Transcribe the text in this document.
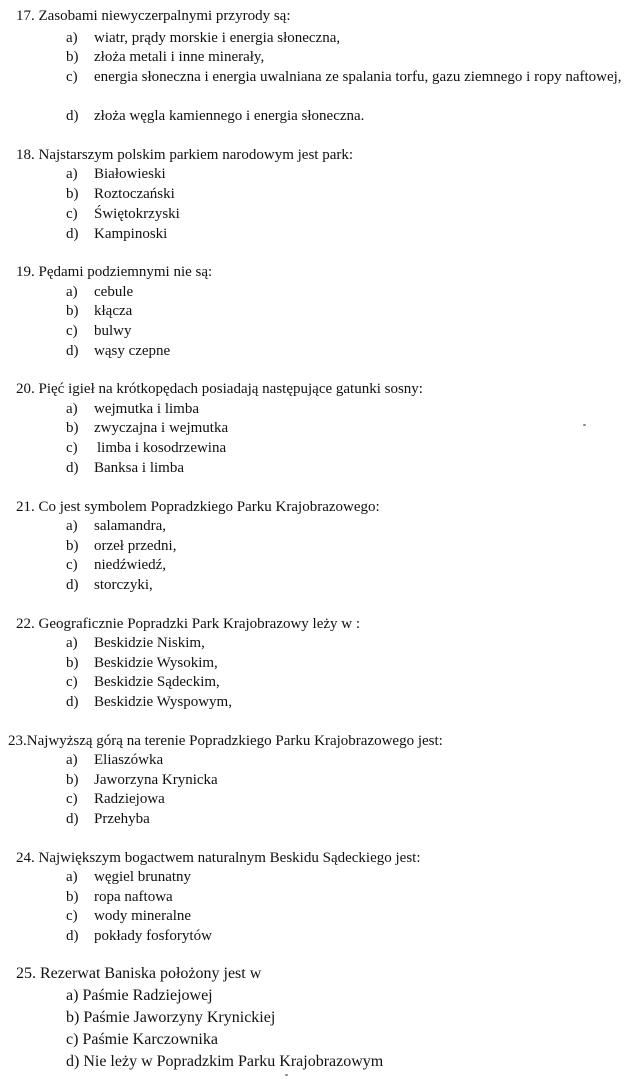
17. Zasobami niewyczerpalnymi przyrody są:
a) wiatr, prądy morskie i energia słoneczna,
b) złoża metali i inne minerały,
c) energia słoneczna i energia uwalniana ze spalania torfu, gazu ziemnego i ropy naftowej,
d) złoża węgla kamiennego i energia słoneczna.
18. Najstarszym polskim parkiem narodowym jest park:
a) Białowieski
b) Roztoczański
c) Świętokrzyski
d) Kampinoski
19. Pędami podziemnymi nie są:
a) cebule
b) kłącza
c) bulwy
d) wąsy czepne
20. Pięć igieł na krótkopędach posiadają następujące gatunki sosny:
a) wejmutka i limba
b) zwyczajna i wejmutka
c) limba i kosodrzewina
d) Banksa i limba
21. Co jest symbolem Popradzkiego Parku Krajobrazowego:
a) salamandra,
b) orzeł przedni,
c) niedźwiedź,
d) storczyki,
22. Geograficznie Popradzki Park Krajobrazowy leży w :
a) Beskidzie Niskim,
b) Beskidzie Wysokim,
c) Beskidzie Sądeckim,
d) Beskidzie Wyspowym,
23.Najwyższą górą na terenie Popradzkiego Parku Krajobrazowego jest:
a) Eliaszówka
b) Jaworzyna Krynicka
c) Radziejowa
d) Przehyba
24. Największym bogactwem naturalnym Beskidu Sądeckiego jest:
a) węgiel brunatny
b) ropa naftowa
c) wody mineralne
d) pokłady fosforytów
25. Rezerwat Baniska położony jest w
a) Paśmie Radziejowej
b) Paśmie Jaworzyny Krynickiej
c) Paśmie Karczownika
d) Nie leży w Popradzkim Parku Krajobrazowym
